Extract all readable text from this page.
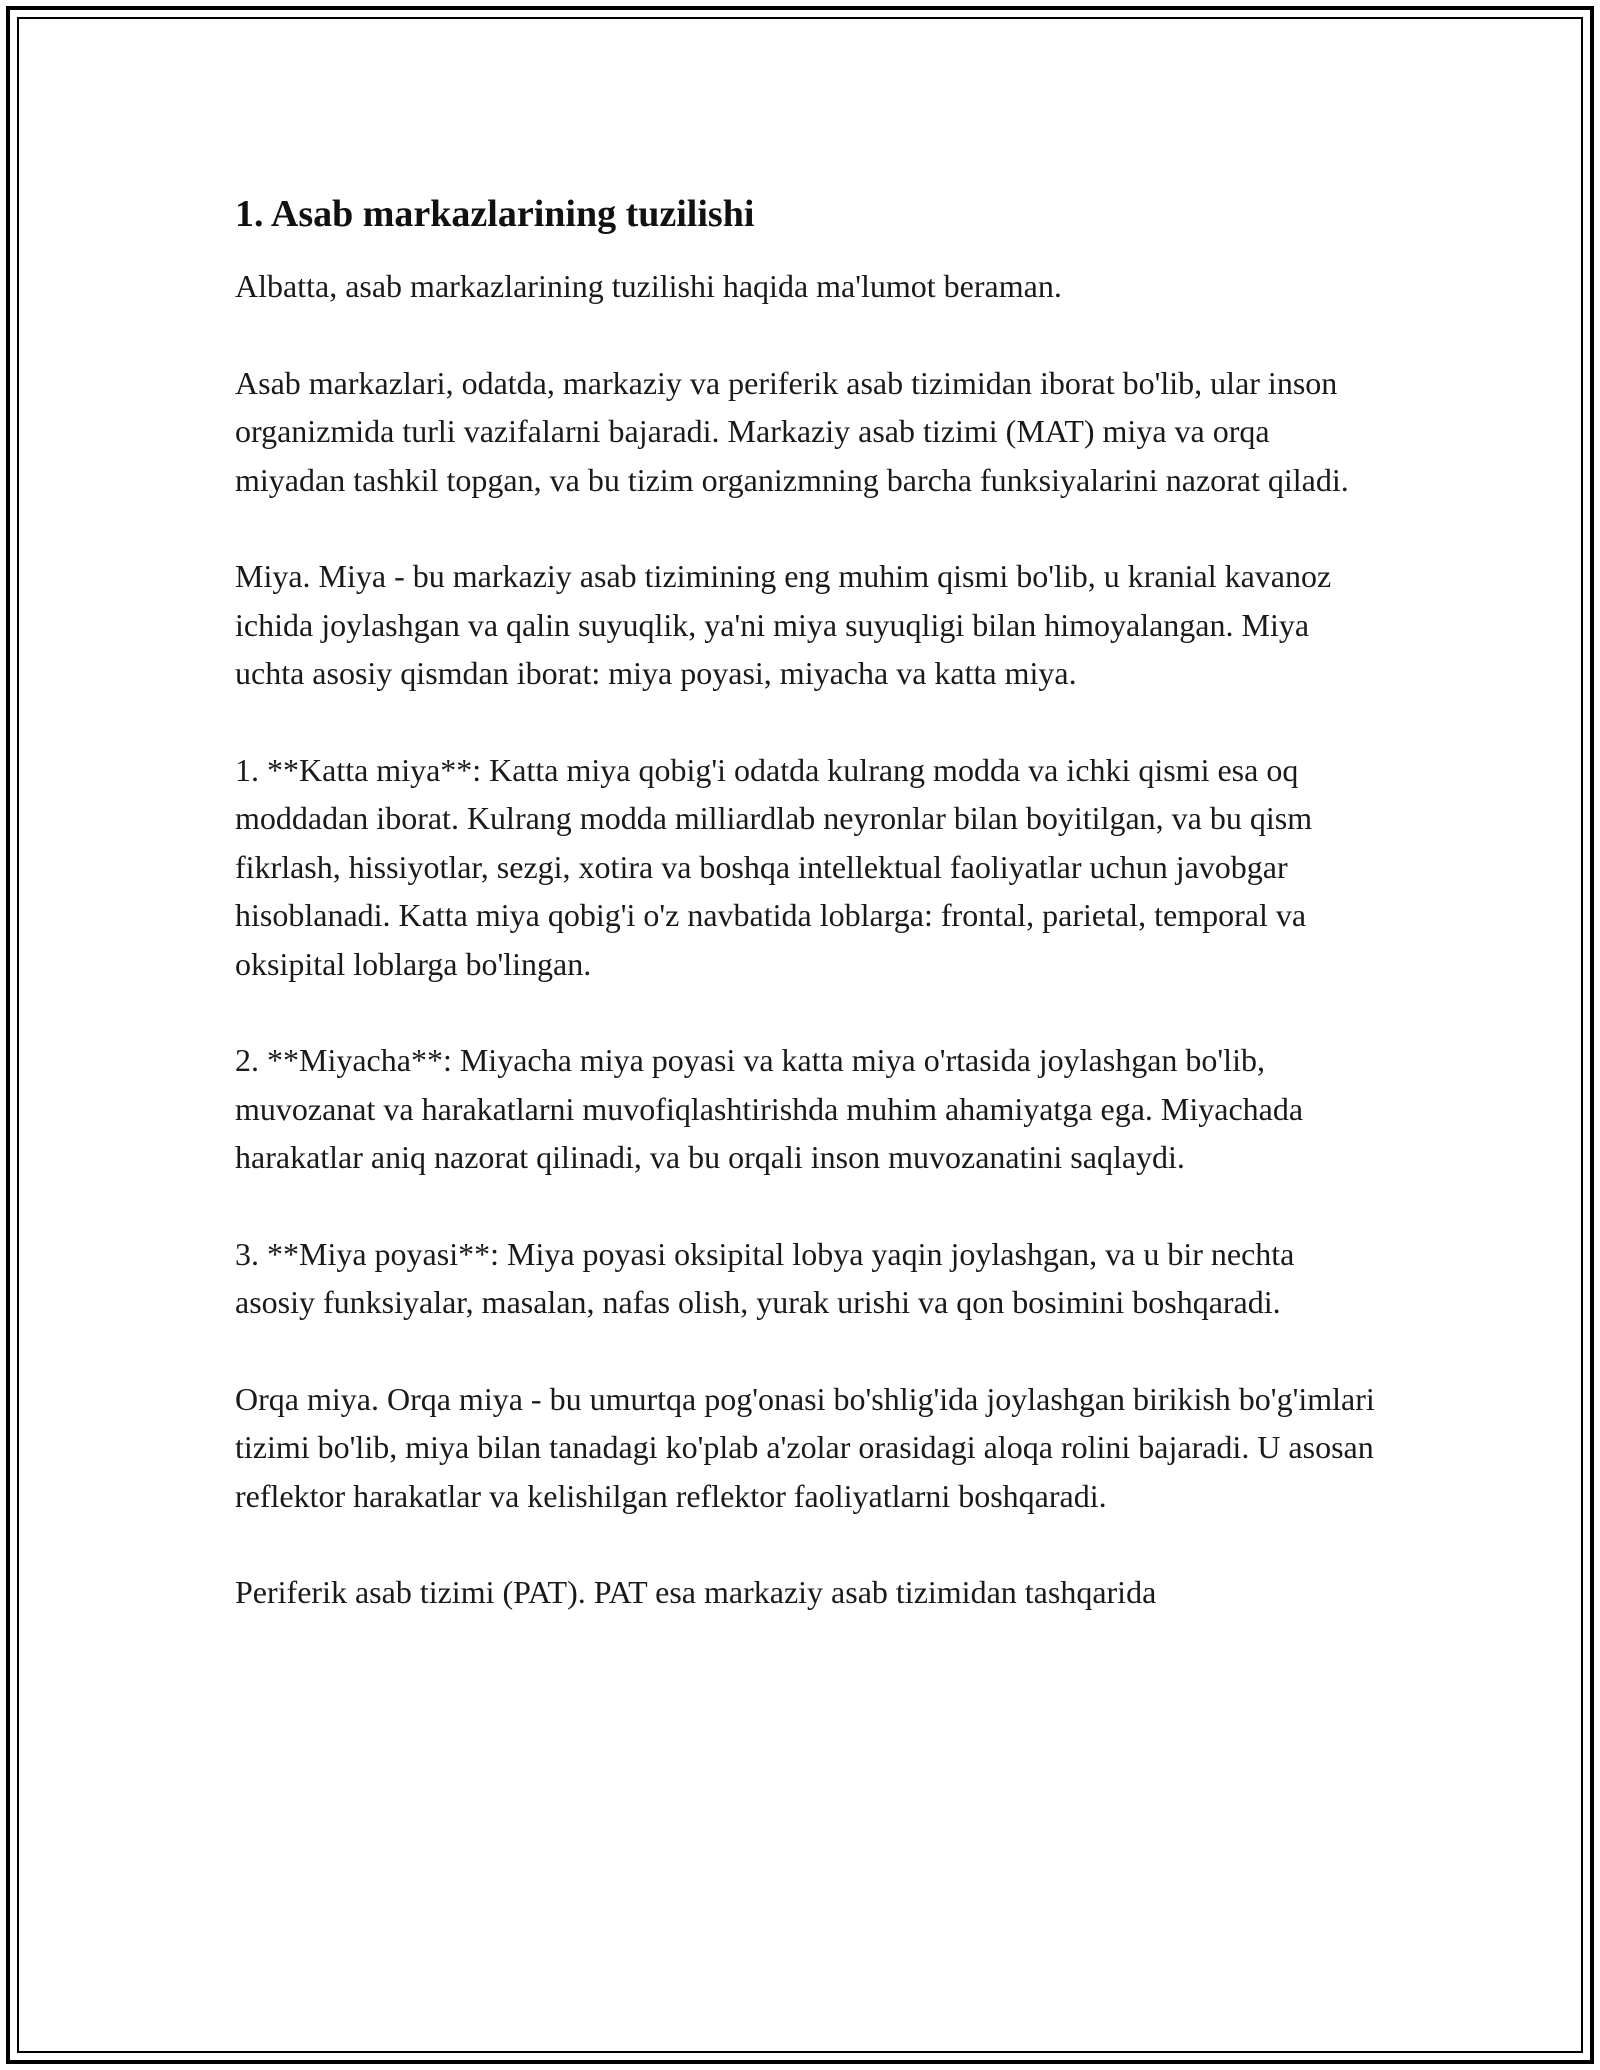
1. Asab markazlarining tuzilishi

Albatta, asab markazlarining tuzilishi haqida ma'lumot beraman.

Asab markazlari, odatda, markaziy va periferik asab tizimidan iborat bo'lib, ular inson organizmida turli vazifalarni bajaradi. Markaziy asab tizimi (MAT) miya va orqa miyadan tashkil topgan, va bu tizim organizmning barcha funksiyalarini nazorat qiladi.

Miya. Miya - bu markaziy asab tizimining eng muhim qismi bo'lib, u kranial kavanoz ichida joylashgan va qalin suyuqlik, ya'ni miya suyuqligi bilan himoyalangan. Miya uchta asosiy qismdan iborat: miya poyasi, miyacha va katta miya.

1. **Katta miya**: Katta miya qobig'i odatda kulrang modda va ichki qismi esa oq moddadan iborat. Kulrang modda milliardlab neyronlar bilan boyitilgan, va bu qism fikrlash, hissiyotlar, sezgi, xotira va boshqa intellektual faoliyatlar uchun javobgar hisoblanadi. Katta miya qobig'i o'z navbatida loblarga: frontal, parietal, temporal va oksipital loblarga bo'lingan.

2. **Miyacha**: Miyacha miya poyasi va katta miya o'rtasida joylashgan bo'lib, muvozanat va harakatlarni muvofiqlashtirishda muhim ahamiyatga ega. Miyachada harakatlar aniq nazorat qilinadi, va bu orqali inson muvozanatini saqlaydi.

3. **Miya poyasi**: Miya poyasi oksipital lobya yaqin joylashgan, va u bir nechta asosiy funksiyalar, masalan, nafas olish, yurak urishi va qon bosimini boshqaradi.

Orqa miya. Orqa miya - bu umurtqa pog'onasi bo'shlig'ida joylashgan birikish bo'g'imlari tizimi bo'lib, miya bilan tanadagi ko'plab a'zolar orasidagi aloqa rolini bajaradi. U asosan reflektor harakatlar va kelishilgan reflektor faoliyatlarni boshqaradi.

Periferik asab tizimi (PAT). PAT esa markaziy asab tizimidan tashqarida
